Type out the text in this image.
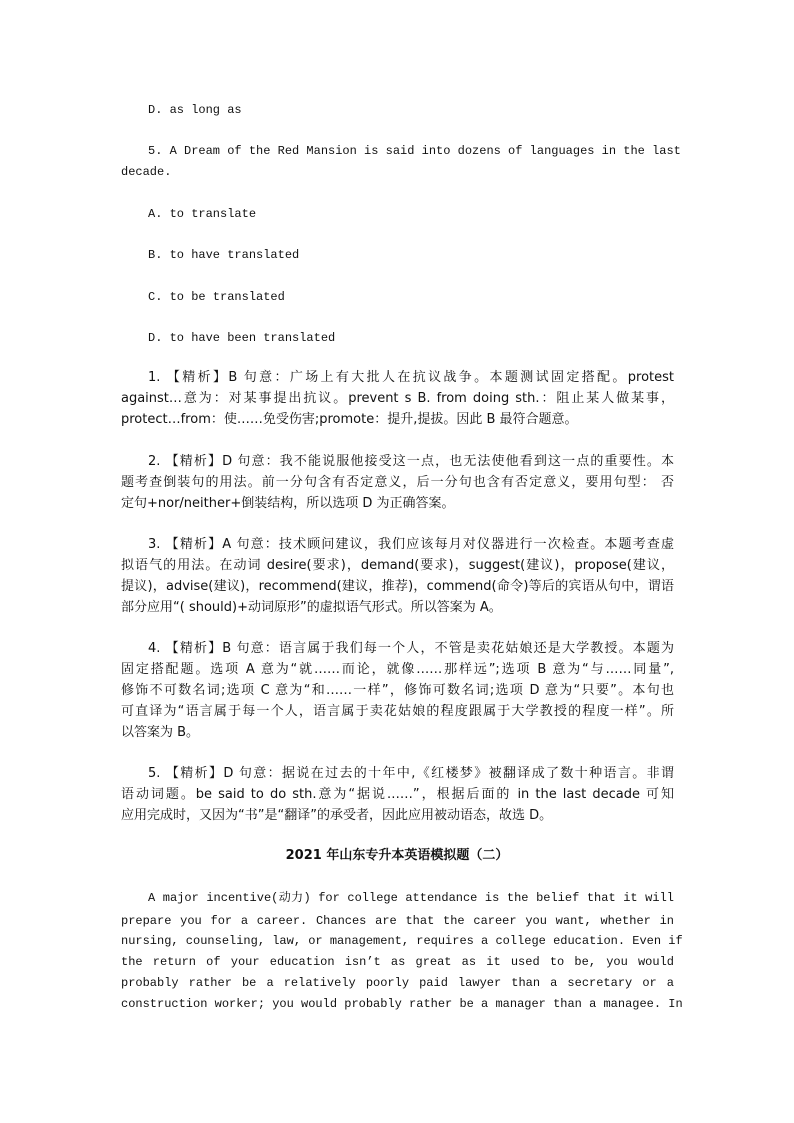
D. as long as
5. A Dream of the Red Mansion is said into dozens of languages in the last
decade.
A. to translate
B. to have translated
C. to be translated
D. to have been translated
1. 【精析】B 句意：广场上有大批人在抗议战争。本题测试固定搭配。protest
against…意为：对某事提出抗议。prevent s B. from doing sth.：阻止某人做某事，
protect…from：使……免受伤害;promote：提升,提拔。因此 B 最符合题意。
2. 【精析】D 句意：我不能说服他接受这一点，也无法使他看到这一点的重要性。本
题考查倒装句的用法。前一分句含有否定意义，后一分句也含有否定意义，要用句型： 否
定句+nor/neither+倒装结构，所以选项 D 为正确答案。
3. 【精析】A 句意：技术顾问建议，我们应该每月对仪器进行一次检查。本题考查虚
拟语气的用法。在动词 desire(要求)，demand(要求)，suggest(建议)，propose(建议，
提议)，advise(建议)，recommend(建议，推荐)，commend(命令)等后的宾语从句中，谓语
部分应用“( should)+动词原形”的虚拟语气形式。所以答案为 A。
4. 【精析】B 句意：语言属于我们每一个人，不管是卖花姑娘还是大学教授。本题为
固定搭配题。选项 A 意为“就……而论，就像……那样远”;选项 B 意为“与……同量”,
修饰不可数名词;选项 C 意为“和……一样”，修饰可数名词;选项 D 意为“只要”。本句也
可直译为“语言属于每一个人，语言属于卖花姑娘的程度跟属于大学教授的程度一样”。所
以答案为 B。
5. 【精析】D 句意：据说在过去的十年中,《红楼梦》被翻译成了数十种语言。非谓
语动词题。be said to do sth.意为“据说……”，根据后面的 in the last decade 可知
应用完成时，又因为“书”是“翻译”的承受者，因此应用被动语态，故选 D。
2021 年山东专升本英语模拟题（二）
A major incentive(动力) for college attendance is the belief that it will
prepare you for a career. Chances are that the career you want, whether in
nursing, counseling, law, or management, requires a college education. Even if
the return of your education isn’t as great as it used to be, you would
probably rather be a relatively poorly paid lawyer than a secretary or a
construction worker; you would probably rather be a manager than a managee. In
